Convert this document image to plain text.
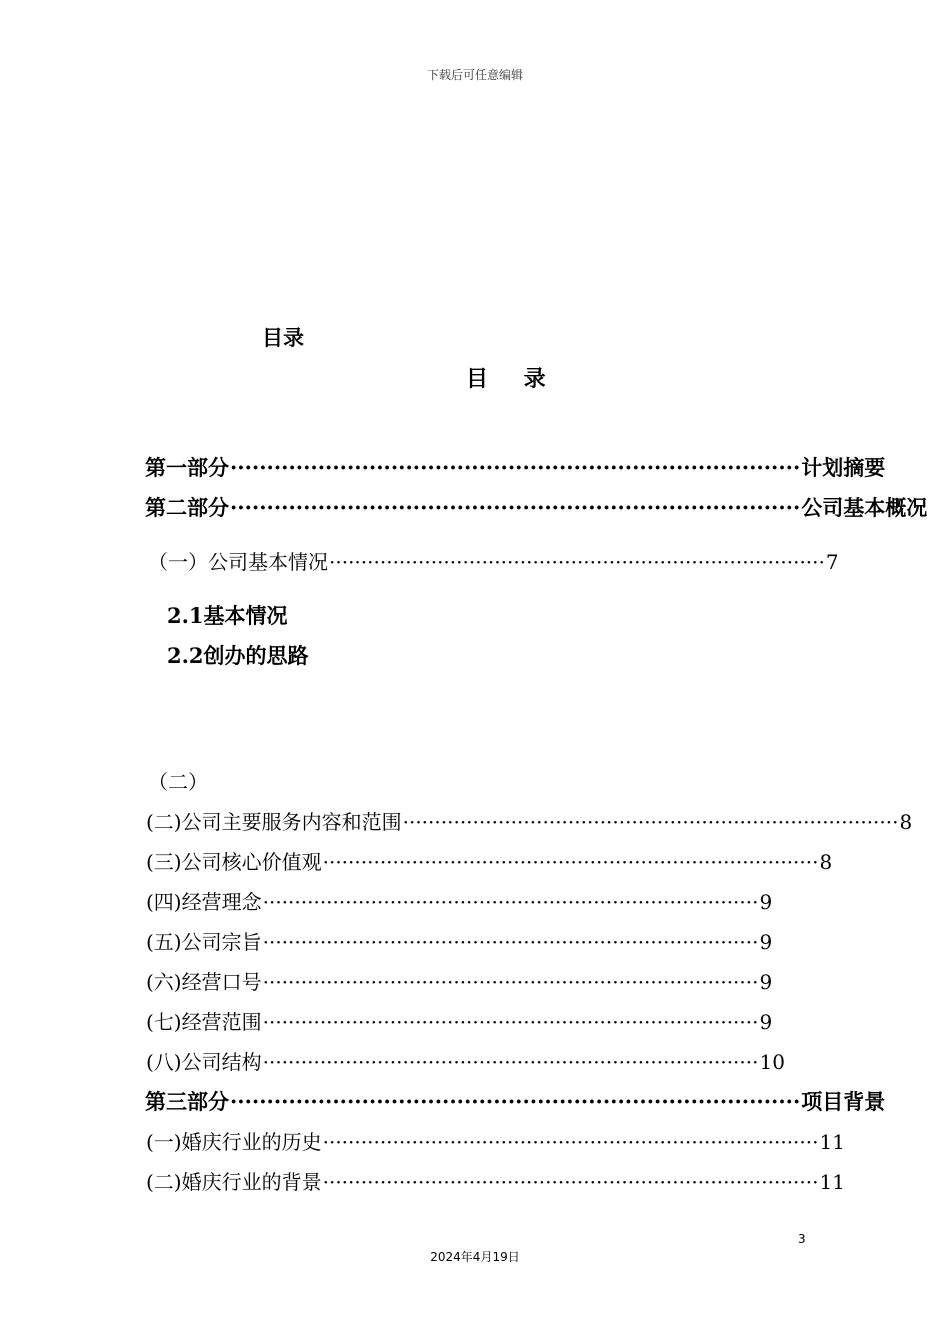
下载后可任意编辑
目录
目 录
第一部分 ·············································································· 计划摘要
第二部分 ·············································································· 公司基本概况
（一）公司基本情况 ·············································································· 7
2.1基本情况
2.2创办的思路
（二）
(二)公司主要服务内容和范围 ·············································································· 8
(三)公司核心价值观 ·············································································· 8
(四)经营理念 ·············································································· 9
(五)公司宗旨 ·············································································· 9
(六)经营口号 ·············································································· 9
(七)经营范围 ·············································································· 9
(八)公司结构 ·············································································· 10
第三部分 ·············································································· 项目背景
(一)婚庆行业的历史 ·············································································· 11
(二)婚庆行业的背景 ·············································································· 11
3
2024年4月19日
